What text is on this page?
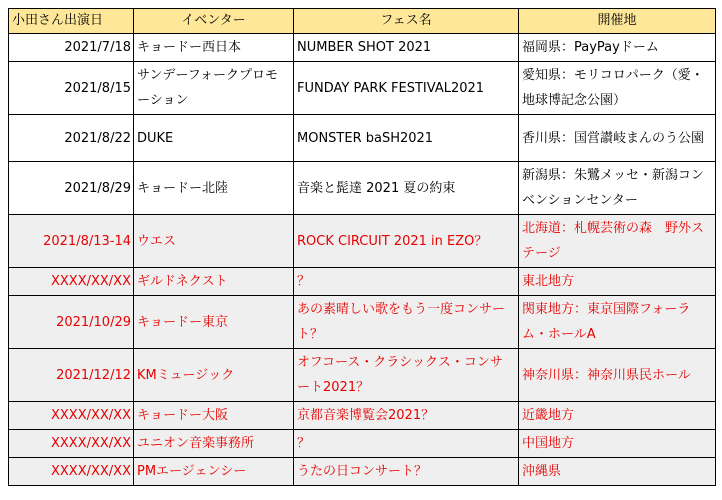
小田さん出演日	イベンター	フェス名	開催地
2021/7/18	キョードー西日本	NUMBER SHOT 2021	福岡県：PayPayドーム
2021/8/15	サンデーフォークプロモーション	FUNDAY PARK FESTIVAL2021	愛知県：モリコロパーク（愛・地球博記念公園）
2021/8/22	DUKE	MONSTER baSH2021	香川県：国営讃岐まんのう公園
2021/8/29	キョードー北陸	音楽と髭達 2021 夏の約束	新潟県：朱鷺メッセ・新潟コンベンションセンター
2021/8/13-14	ウエス	ROCK CIRCUIT 2021 in EZO？	北海道：札幌芸術の森　野外ステージ
XXXX/XX/XX	ギルドネクスト	？	東北地方
2021/10/29	キョードー東京	あの素晴しい歌をもう一度コンサート？	関東地方：東京国際フォーラム・ホールA
2021/12/12	KMミュージック	オフコース・クラシックス・コンサート2021？	神奈川県：神奈川県民ホール
XXXX/XX/XX	キョードー大阪	京都音楽博覧会2021？	近畿地方
XXXX/XX/XX	ユニオン音楽事務所	？	中国地方
XXXX/XX/XX	PMエージェンシー	うたの日コンサート？	沖縄県
